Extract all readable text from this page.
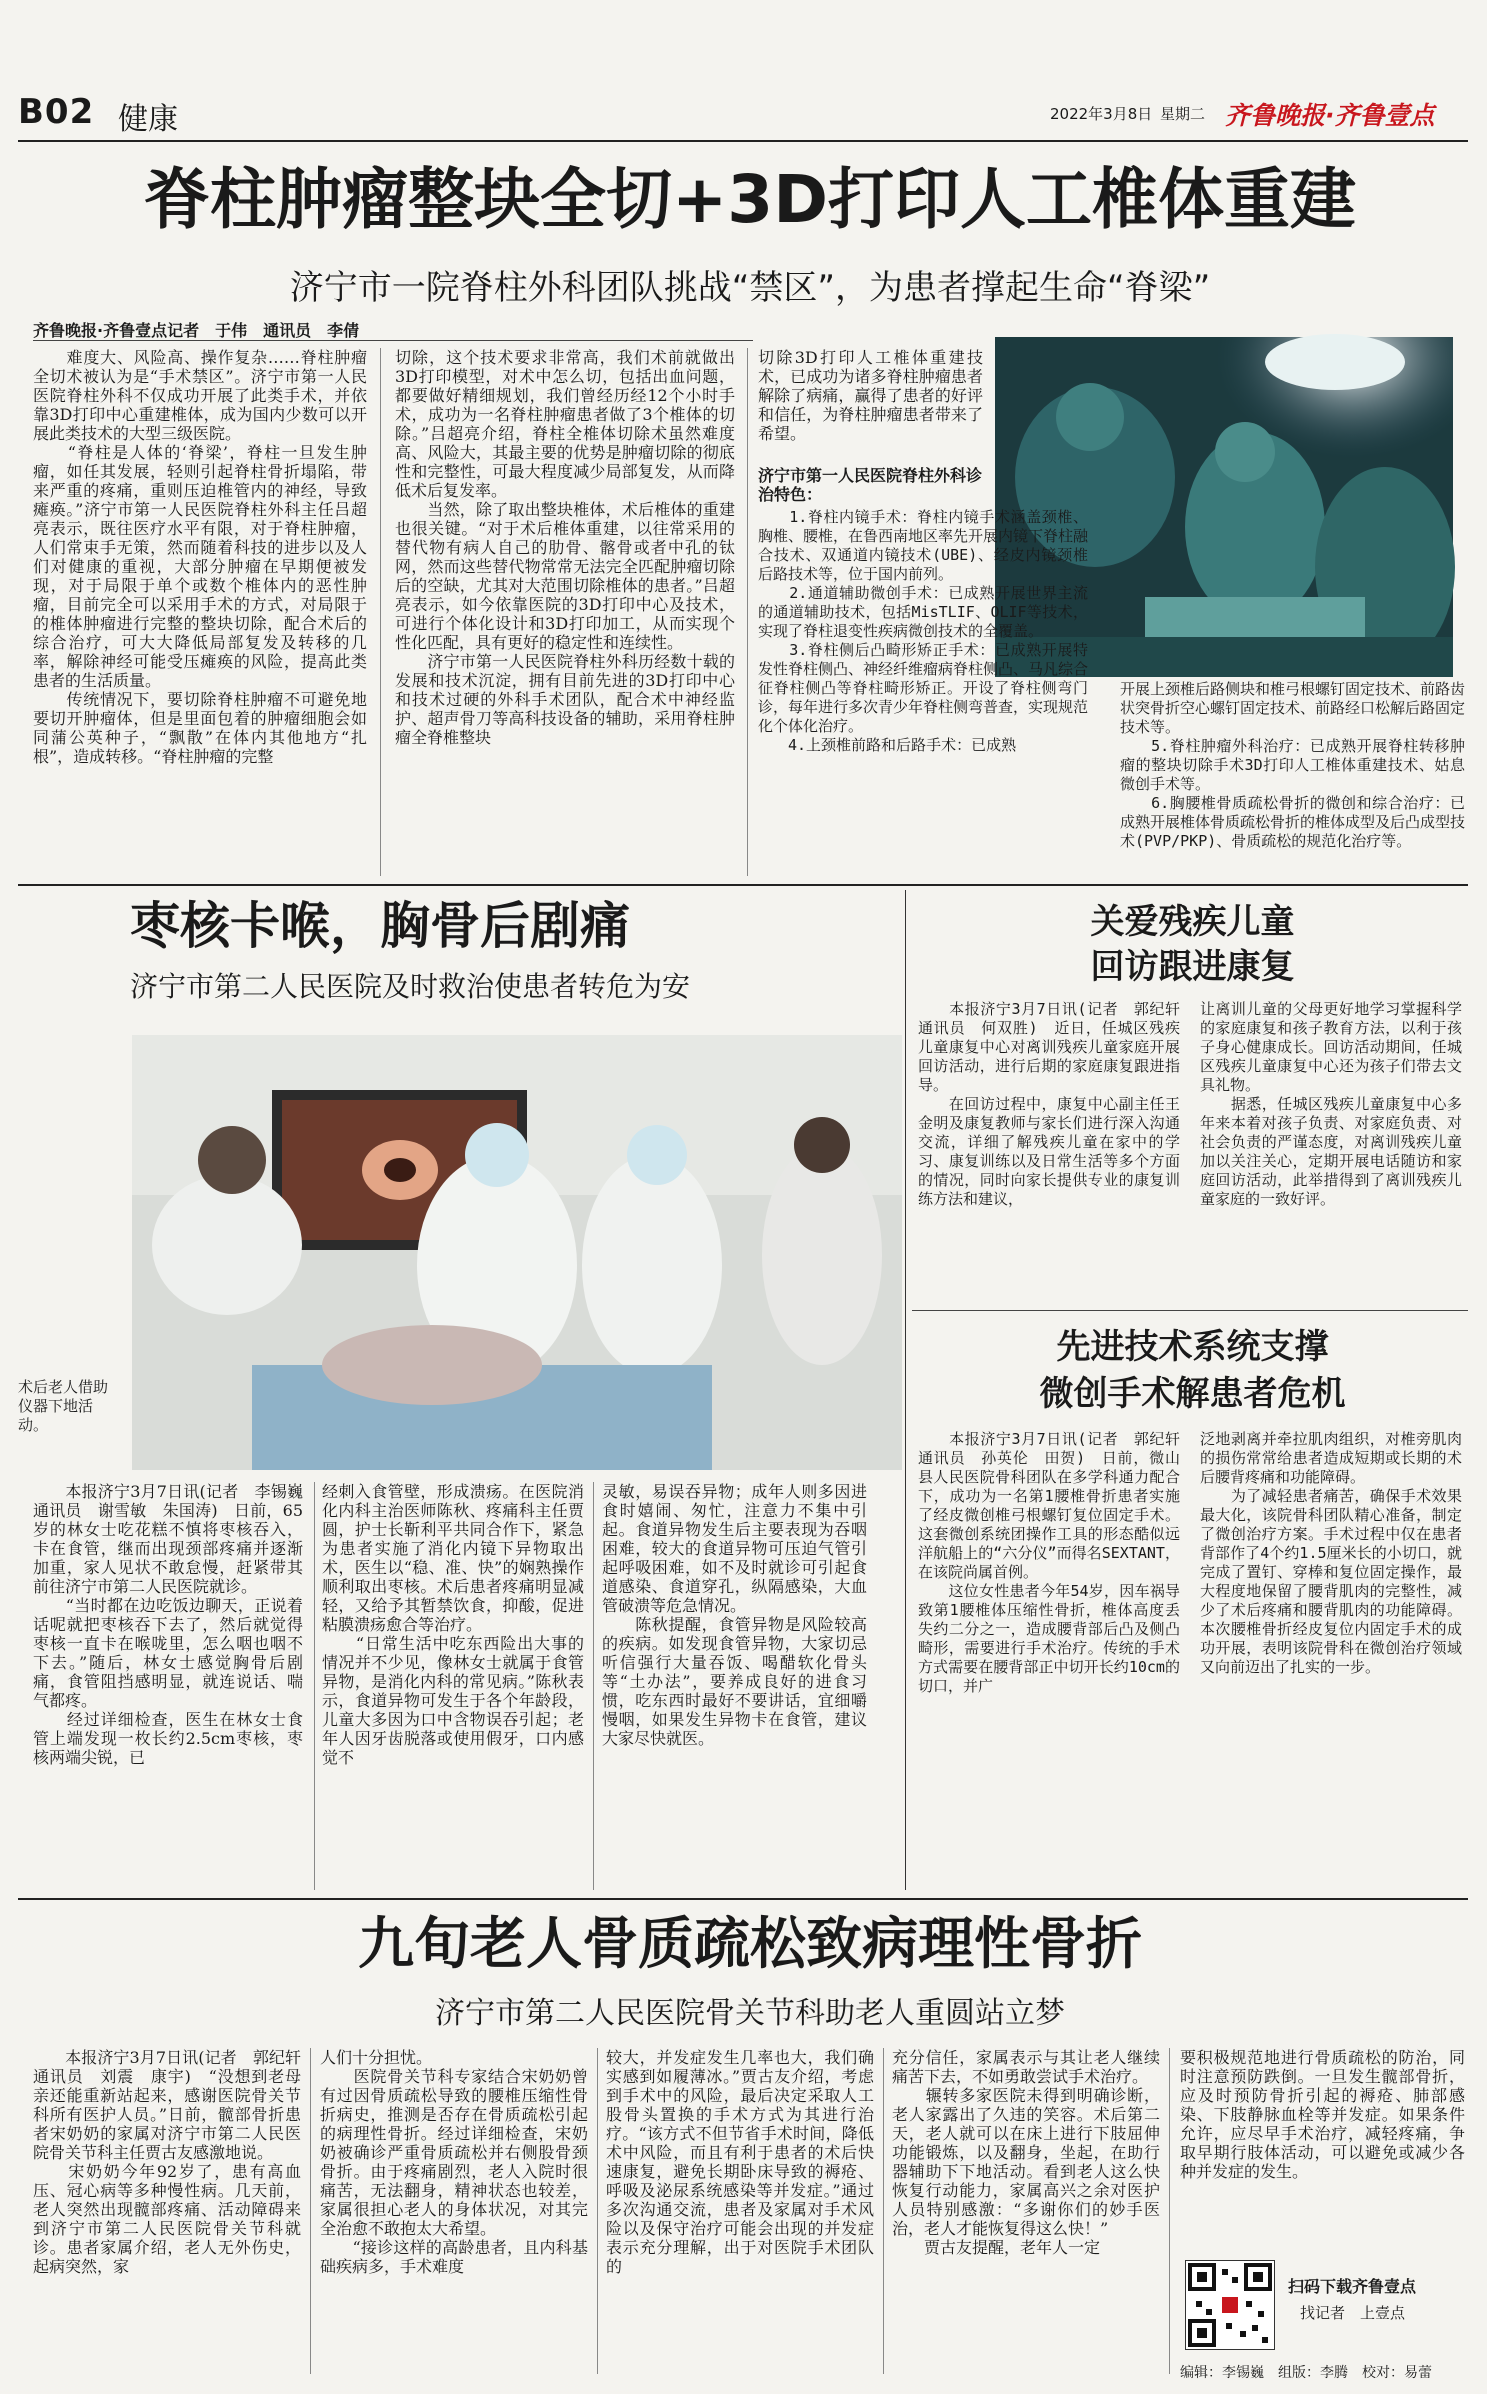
B02 健康	2022年3月8日 星期二 齐鲁晚报·齐鲁壹点
脊柱肿瘤整块全切+3D打印人工椎体重建
济宁市一院脊柱外科团队挑战“禁区”，为患者撑起生命“脊梁”
齐鲁晚报·齐鲁壹点记者　于伟　通讯员　李倩
　　难度大、风险高、操作复杂……脊柱肿瘤全切术被认为是“手术禁区”。济宁市第一人民医院脊柱外科不仅成功开展了此类手术，并依靠3D打印中心重建椎体，成为国内少数可以开展此类技术的大型三级医院。
　　“脊柱是人体的‘脊梁’，脊柱一旦发生肿瘤，如任其发展，轻则引起脊柱骨折塌陷，带来严重的疼痛，重则压迫椎管内的神经，导致瘫痪。”济宁市第一人民医院脊柱外科主任吕超亮表示，既往医疗水平有限，对于脊柱肿瘤，人们常束手无策，然而随着科技的进步以及人们对健康的重视，大部分肿瘤在早期便被发现，对于局限于单个或数个椎体内的恶性肿瘤，目前完全可以采用手术的方式，对局限于的椎体肿瘤进行完整的整块切除，配合术后的综合治疗，可大大降低局部复发及转移的几率，解除神经可能受压瘫痪的风险，提高此类患者的生活质量。
　　传统情况下，要切除脊柱肿瘤不可避免地要切开肿瘤体，但是里面包着的肿瘤细胞会如同蒲公英种子，“飘散”在体内其他地方“扎根”，造成转移。“脊柱肿瘤的完整
切除，这个技术要求非常高，我们术前就做出3D打印模型，对术中怎么切，包括出血问题，都要做好精细规划，我们曾经历经12个小时手术，成功为一名脊柱肿瘤患者做了3个椎体的切除。”吕超亮介绍，脊柱全椎体切除术虽然难度高、风险大，其最主要的优势是肿瘤切除的彻底性和完整性，可最大程度减少局部复发，从而降低术后复发率。
　　当然，除了取出整块椎体，术后椎体的重建也很关键。“对于术后椎体重建，以往常采用的替代物有病人自己的肋骨、髂骨或者中孔的钛网，然而这些替代物常常无法完全匹配肿瘤切除后的空缺，尤其对大范围切除椎体的患者。”吕超亮表示，如今依靠医院的3D打印中心及技术，可进行个体化设计和3D打印加工，从而实现个性化匹配，具有更好的稳定性和连续性。
　　济宁市第一人民医院脊柱外科历经数十载的发展和技术沉淀，拥有目前先进的3D打印中心和技术过硬的外科手术团队，配合术中神经监护、超声骨刀等高科技设备的辅助，采用脊柱肿瘤全脊椎整块
切除3D打印人工椎体重建技术，已成功为诸多脊柱肿瘤患者解除了病痛，赢得了患者的好评和信任，为脊柱肿瘤患者带来了希望。
济宁市第一人民医院脊柱外科诊治特色：
　　1.脊柱内镜手术：脊柱内镜手术涵盖颈椎、胸椎、腰椎，在鲁西南地区率先开展内镜下脊柱融合技术、双通道内镜技术(UBE)、经皮内镜颈椎后路技术等，位于国内前列。
　　2.通道辅助微创手术：已成熟开展世界主流的通道辅助技术，包括MisTLIF、OLIF等技术，实现了脊柱退变性疾病微创技术的全覆盖。
　　3.脊柱侧后凸畸形矫正手术：已成熟开展特发性脊柱侧凸、神经纤维瘤病脊柱侧凸、马凡综合征脊柱侧凸等脊柱畸形矫正。开设了脊柱侧弯门诊，每年进行多次青少年脊柱侧弯普查，实现规范化个体化治疗。
　　4.上颈椎前路和后路手术：已成熟
开展上颈椎后路侧块和椎弓根螺钉固定技术、前路齿状突骨折空心螺钉固定技术、前路经口松解后路固定技术等。
　　5.脊柱肿瘤外科治疗：已成熟开展脊柱转移肿瘤的整块切除手术3D打印人工椎体重建技术、姑息微创手术等。
　　6.胸腰椎骨质疏松骨折的微创和综合治疗：已成熟开展椎体骨质疏松骨折的椎体成型及后凸成型技术(PVP/PKP)、骨质疏松的规范化治疗等。
枣核卡喉，胸骨后剧痛
济宁市第二人民医院及时救治使患者转危为安
术后老人借助仪器下地活动。
　　本报济宁3月7日讯(记者　李锡巍　通讯员　谢雪敏　朱国涛)　日前，65岁的林女士吃花糕不慎将枣核吞入，卡在食管，继而出现颈部疼痛并逐渐加重，家人见状不敢怠慢，赶紧带其前往济宁市第二人民医院就诊。
　　“当时都在边吃饭边聊天，正说着话呢就把枣核吞下去了，然后就觉得枣核一直卡在喉咙里，怎么咽也咽不下去。”随后，林女士感觉胸骨后剧痛，食管阻挡感明显，就连说话、喘气都疼。
　　经过详细检查，医生在林女士食管上端发现一枚长约2.5cm枣核，枣核两端尖锐，已
经刺入食管壁，形成溃疡。在医院消化内科主治医师陈秋、疼痛科主任贾圆，护士长靳利平共同合作下，紧急为患者实施了消化内镜下异物取出术，医生以“稳、准、快”的娴熟操作顺利取出枣核。术后患者疼痛明显减轻，又给予其暂禁饮食，抑酸，促进粘膜溃疡愈合等治疗。
　　“日常生活中吃东西险出大事的情况并不少见，像林女士就属于食管异物，是消化内科的常见病。”陈秋表示，食道异物可发生于各个年龄段，儿童大多因为口中含物误吞引起；老年人因牙齿脱落或使用假牙，口内感觉不
灵敏，易误吞异物；成年人则多因进食时嬉闹、匆忙，注意力不集中引起。食道异物发生后主要表现为吞咽困难，较大的食道异物可压迫气管引起呼吸困难，如不及时就诊可引起食道感染、食道穿孔，纵隔感染，大血管破溃等危急情况。
　　陈秋提醒，食管异物是风险较高的疾病。如发现食管异物，大家切忌听信强行大量吞饭、喝醋软化骨头等“土办法”，要养成良好的进食习惯，吃东西时最好不要讲话，宜细嚼慢咽，如果发生异物卡在食管，建议大家尽快就医。
关爱残疾儿童
回访跟进康复
　　本报济宁3月7日讯(记者　郭纪轩　通讯员　何双胜)　近日，任城区残疾儿童康复中心对离训残疾儿童家庭开展回访活动，进行后期的家庭康复跟进指导。
　　在回访过程中，康复中心副主任王金明及康复教师与家长们进行深入沟通交流，详细了解残疾儿童在家中的学习、康复训练以及日常生活等多个方面的情况，同时向家长提供专业的康复训练方法和建议，
让离训儿童的父母更好地学习掌握科学的家庭康复和孩子教育方法，以利于孩子身心健康成长。回访活动期间，任城区残疾儿童康复中心还为孩子们带去文具礼物。
　　据悉，任城区残疾儿童康复中心多年来本着对孩子负责、对家庭负责、对社会负责的严谨态度，对离训残疾儿童加以关注关心，定期开展电话随访和家庭回访活动，此举措得到了离训残疾儿童家庭的一致好评。
先进技术系统支撑
微创手术解患者危机
　　本报济宁3月7日讯(记者　郭纪轩　通讯员　孙英伦　田贺)　日前，微山县人民医院骨科团队在多学科通力配合下，成功为一名第1腰椎骨折患者实施了经皮微创椎弓根螺钉复位固定手术。这套微创系统团操作工具的形态酷似远洋航船上的“六分仪”而得名SEXTANT，在该院尚属首例。
　　这位女性患者今年54岁，因车祸导致第1腰椎体压缩性骨折，椎体高度丢失约二分之一，造成腰背部后凸及侧凸畸形，需要进行手术治疗。传统的手术方式需要在腰背部正中切开长约10cm的切口，并广
泛地剥离并牵拉肌肉组织，对椎旁肌肉的损伤常常给患者造成短期或长期的术后腰背疼痛和功能障碍。
　　为了减轻患者痛苦，确保手术效果最大化，该院骨科团队精心准备，制定了微创治疗方案。手术过程中仅在患者背部作了4个约1.5厘米长的小切口，就完成了置钉、穿棒和复位固定操作，最大程度地保留了腰背肌肉的完整性，减少了术后疼痛和腰背肌肉的功能障碍。本次腰椎骨折经皮复位内固定手术的成功开展，表明该院骨科在微创治疗领域又向前迈出了扎实的一步。
九旬老人骨质疏松致病理性骨折
济宁市第二人民医院骨关节科助老人重圆站立梦
　　本报济宁3月7日讯(记者　郭纪轩　通讯员　刘震　康宇)　“没想到老母亲还能重新站起来，感谢医院骨关节科所有医护人员。”日前，髋部骨折患者宋奶奶的家属对济宁市第二人民医院骨关节科主任贾古友感激地说。
　　宋奶奶今年92岁了，患有高血压、冠心病等多种慢性病。几天前，老人突然出现髋部疼痛、活动障碍来到济宁市第二人民医院骨关节科就诊。患者家属介绍，老人无外伤史，起病突然，家
人们十分担忧。
　　医院骨关节科专家结合宋奶奶曾有过因骨质疏松导致的腰椎压缩性骨折病史，推测是否存在骨质疏松引起的病理性骨折。经过详细检查，宋奶奶被确诊严重骨质疏松并右侧股骨颈骨折。由于疼痛剧烈，老人入院时很痛苦，无法翻身，精神状态也较差，家属很担心老人的身体状况，对其完全治愈不敢抱太大希望。
　　“接诊这样的高龄患者，且内科基础疾病多，手术难度
较大，并发症发生几率也大，我们确实感到如履薄冰。”贾古友介绍，考虑到手术中的风险，最后决定采取人工股骨头置换的手术方式为其进行治疗。“该方式不但节省手术时间，降低术中风险，而且有利于患者的术后快速康复，避免长期卧床导致的褥疮、呼吸及泌尿系统感染等并发症。”通过多次沟通交流，患者及家属对手术风险以及保守治疗可能会出现的并发症表示充分理解，出于对医院手术团队的
充分信任，家属表示与其让老人继续痛苦下去，不如勇敢尝试手术治疗。
　　辗转多家医院未得到明确诊断，老人家露出了久违的笑容。术后第二天，老人就可以在床上进行下肢屈伸功能锻炼，以及翻身，坐起，在助行器辅助下下地活动。看到老人这么快恢复行动能力，家属高兴之余对医护人员特别感激：“多谢你们的妙手医治，老人才能恢复得这么快！”
　　贾古友提醒，老年人一定
要积极规范地进行骨质疏松的防治，同时注意预防跌倒。一旦发生髋部骨折，应及时预防骨折引起的褥疮、肺部感染、下肢静脉血栓等并发症。如果条件允许，应尽早手术治疗，减轻疼痛，争取早期行肢体活动，可以避免或减少各种并发症的发生。
扫码下载齐鲁壹点
找记者　上壹点
编辑：李锡巍　组版：李腾　校对：易蕾
